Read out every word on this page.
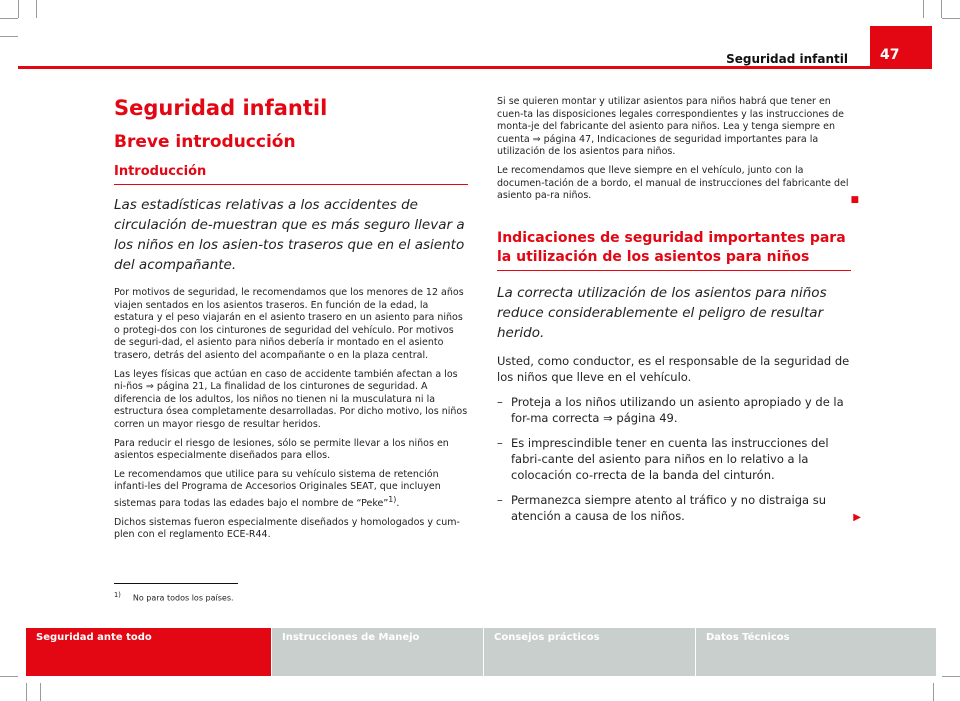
Seguridad infantil	47
Seguridad infantil
Breve introducción
Introducción
Las estadísticas relativas a los accidentes de circulación de-muestran que es más seguro llevar a los niños en los asien-tos traseros que en el asiento del acompañante.

Por motivos de seguridad, le recomendamos que los menores de 12 años viajen sentados en los asientos traseros. En función de la edad, la estatura y el peso viajarán en el asiento trasero en un asiento para niños o protegi-dos con los cinturones de seguridad del vehículo. Por motivos de seguri-dad, el asiento para niños debería ir montado en el asiento trasero, detrás del asiento del acompañante o en la plaza central.

Las leyes físicas que actúan en caso de accidente también afectan a los ni-ños ⇒ página 21, La finalidad de los cinturones de seguridad. A diferencia de los adultos, los niños no tienen ni la musculatura ni la estructura ósea completamente desarrolladas. Por dicho motivo, los niños corren un mayor riesgo de resultar heridos.

Para reducir el riesgo de lesiones, sólo se permite llevar a los niños en asientos especialmente diseñados para ellos.

Le recomendamos que utilice para su vehículo sistema de retención infanti-les del Programa de Accesorios Originales SEAT, que incluyen sistemas para todas las edades bajo el nombre de “Peke”$^{1)}$.

Dichos sistemas fueron especialmente diseñados y homologados y cum-plen con el reglamento ECE-R44.

Si se quieren montar y utilizar asientos para niños habrá que tener en cuen-ta las disposiciones legales correspondientes y las instrucciones de monta-je del fabricante del asiento para niños. Lea y tenga siempre en cuenta ⇒ página 47, Indicaciones de seguridad importantes para la utilización de los asientos para niños.

Le recomendamos que lleve siempre en el vehículo, junto con la documen-tación de a bordo, el manual de instrucciones del fabricante del asiento pa-ra niños.	■
Indicaciones de seguridad importantes para la utilización de los asientos para niños
La correcta utilización de los asientos para niños reduce considerablemente el peligro de resultar herido.
Usted, como conductor, es el responsable de la seguridad de los niños que lleve en el vehículo.
– Proteja a los niños utilizando un asiento apropiado y de la for-ma correcta ⇒ página 49.
– Es imprescindible tener en cuenta las instrucciones del fabri-cante del asiento para niños en lo relativo a la colocación co-rrecta de la banda del cinturón.
– Permanezca siempre atento al tráfico y no distraiga su atención a causa de los niños.	▶
$^{1)}$ No para todos los países.
Seguridad ante todo	Instrucciones de Manejo	Consejos prácticos	Datos Técnicos
